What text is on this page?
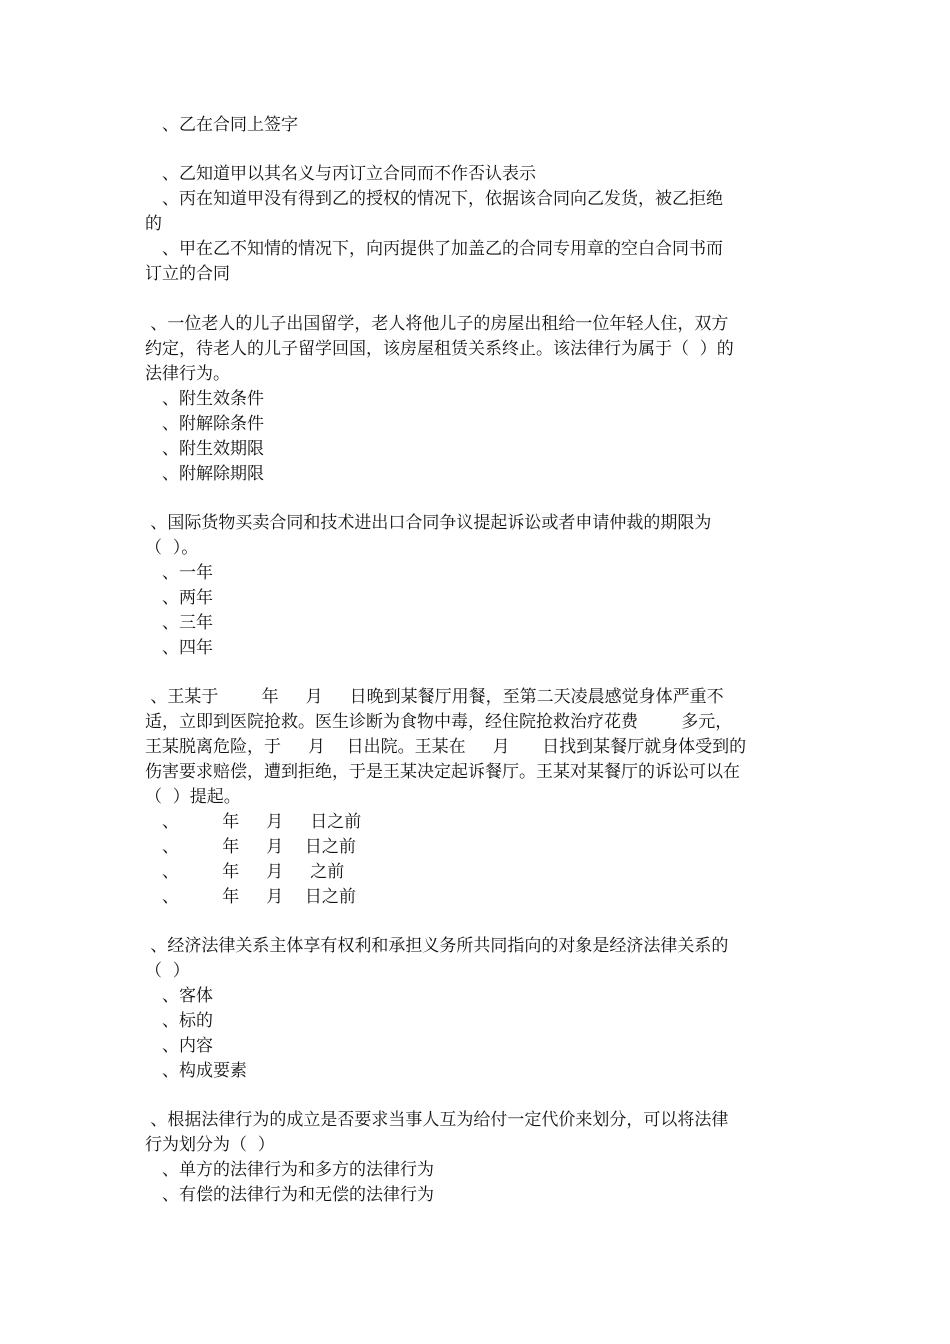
　、乙在合同上签字

　、乙知道甲以其名义与丙订立合同而不作否认表示

　、丙在知道甲没有得到乙的授权的情况下，依据该合同向乙发货，被乙拒绝

的

　、甲在乙不知情的情况下，向丙提供了加盖乙的合同专用章的空白合同书而

订立的合同

、一位老人的儿子出国留学，老人将他儿子的房屋出租给一位年轻人住，双方

约定，待老人的儿子留学回国，该房屋租赁关系终止。该法律行为属于（  ）的

法律行为。

　、附生效条件

　、附解除条件

　、附生效期限

　、附解除期限

、国际货物买卖合同和技术进出口合同争议提起诉讼或者申请仲裁的期限为

（  ）。

　、一年

　、两年

　、三年

　、四年

、王某于        年     月     日晚到某餐厅用餐，至第二天凌晨感觉身体严重不

适，立即到医院抢救。医生诊断为食物中毒，经住院抢救治疗花费        多元，

王某脱离危险，于     月    日出院。王某在     月      日找到某餐厅就身体受到的

伤害要求赔偿，遭到拒绝，于是王某决定起诉餐厅。王某对某餐厅的诉讼可以在

（  ）提起。

　、        年     月     日之前

　、        年     月    日之前

　、        年     月     之前

　、        年     月    日之前

、经济法律关系主体享有权利和承担义务所共同指向的对象是经济法律关系的

（  ）

　、客体

　、标的

　、内容

　、构成要素

、根据法律行为的成立是否要求当事人互为给付一定代价来划分，可以将法律

行为划分为（  ）

　、单方的法律行为和多方的法律行为

　、有偿的法律行为和无偿的法律行为
